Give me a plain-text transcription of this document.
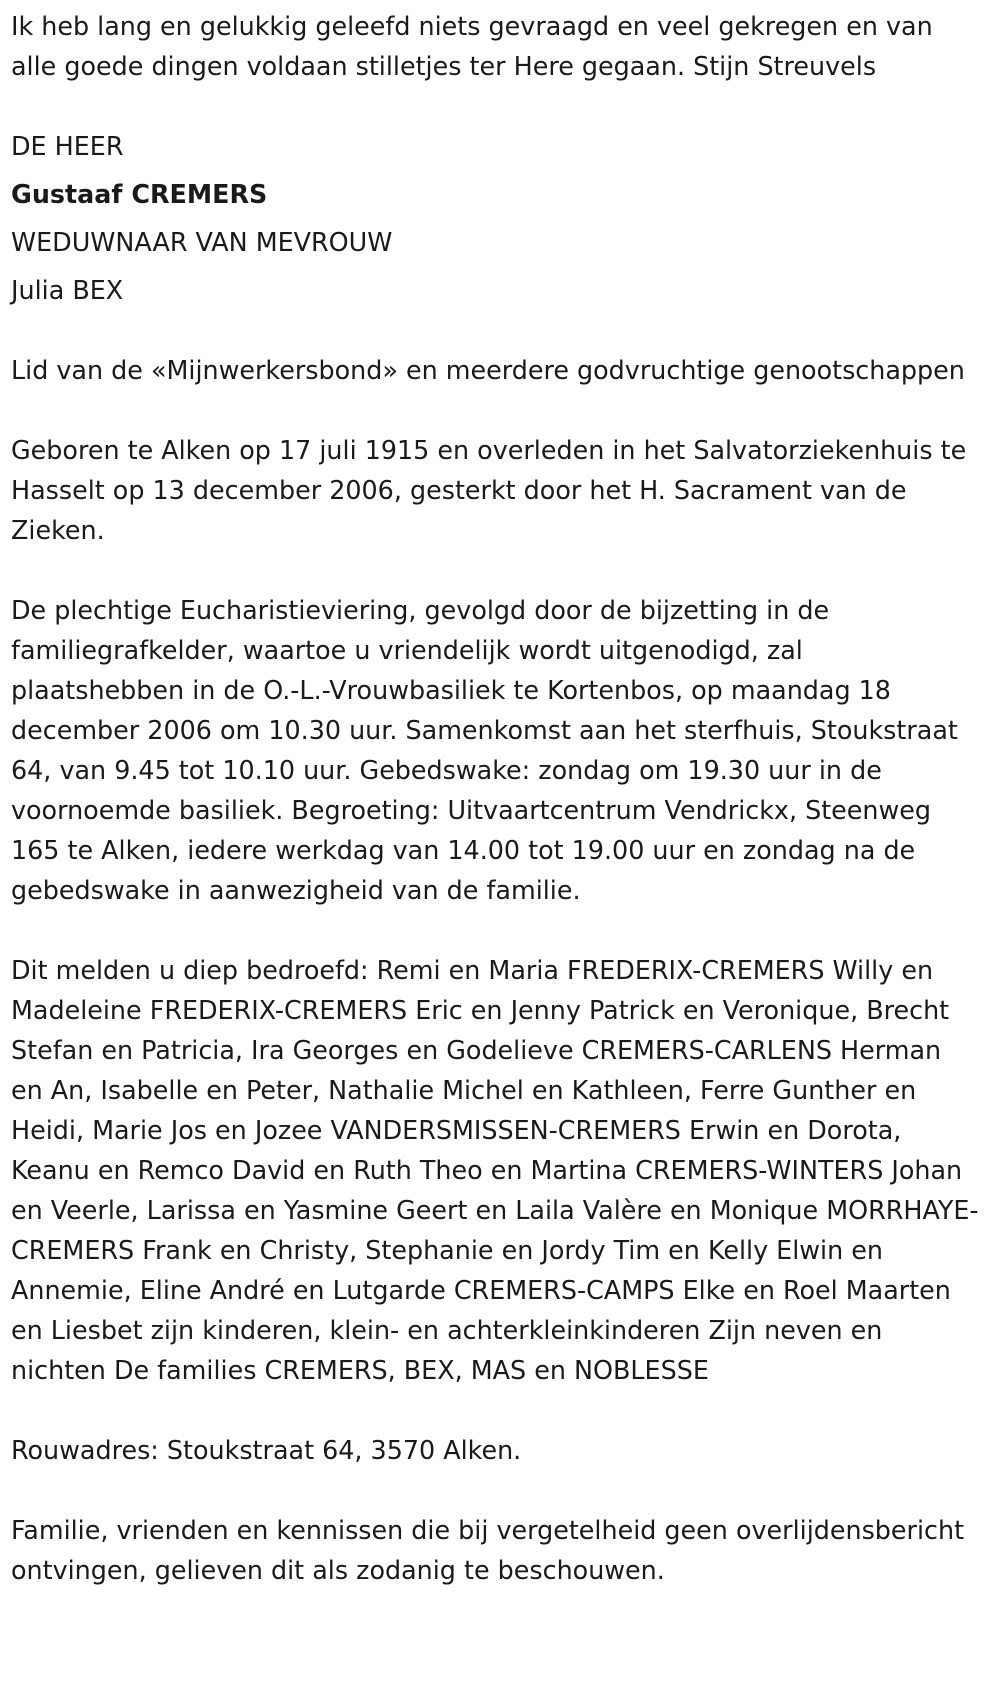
Ik heb lang en gelukkig geleefd niets gevraagd en veel gekregen en van alle goede dingen voldaan stilletjes ter Here gegaan. Stijn Streuvels

DE HEER

Gustaaf CREMERS

WEDUWNAAR VAN MEVROUW

Julia BEX

Lid van de «Mijnwerkersbond» en meerdere godvruchtige genootschappen

Geboren te Alken op 17 juli 1915 en overleden in het Salvatorziekenhuis te Hasselt op 13 december 2006, gesterkt door het H. Sacrament van de Zieken.

De plechtige Eucharistieviering, gevolgd door de bijzetting in de familiegrafkelder, waartoe u vriendelijk wordt uitgenodigd, zal plaatshebben in de O.-L.-Vrouwbasiliek te Kortenbos, op maandag 18 december 2006 om 10.30 uur. Samenkomst aan het sterfhuis, Stoukstraat 64, van 9.45 tot 10.10 uur. Gebedswake: zondag om 19.30 uur in de voornoemde basiliek. Begroeting: Uitvaartcentrum Vendrickx, Steenweg 165 te Alken, iedere werkdag van 14.00 tot 19.00 uur en zondag na de gebedswake in aanwezigheid van de familie.

Dit melden u diep bedroefd: Remi en Maria FREDERIX-CREMERS Willy en Madeleine FREDERIX-CREMERS Eric en Jenny Patrick en Veronique, Brecht Stefan en Patricia, Ira Georges en Godelieve CREMERS-CARLENS Herman en An, Isabelle en Peter, Nathalie Michel en Kathleen, Ferre Gunther en Heidi, Marie Jos en Jozee VANDERSMISSEN-CREMERS Erwin en Dorota, Keanu en Remco David en Ruth Theo en Martina CREMERS-WINTERS Johan en Veerle, Larissa en Yasmine Geert en Laila Valère en Monique MORRHAYE-CREMERS Frank en Christy, Stephanie en Jordy Tim en Kelly Elwin en Annemie, Eline André en Lutgarde CREMERS-CAMPS Elke en Roel Maarten en Liesbet zijn kinderen, klein- en achterkleinkinderen Zijn neven en nichten De families CREMERS, BEX, MAS en NOBLESSE

Rouwadres: Stoukstraat 64, 3570 Alken.

Familie, vrienden en kennissen die bij vergetelheid geen overlijdensbericht ontvingen, gelieven dit als zodanig te beschouwen.
